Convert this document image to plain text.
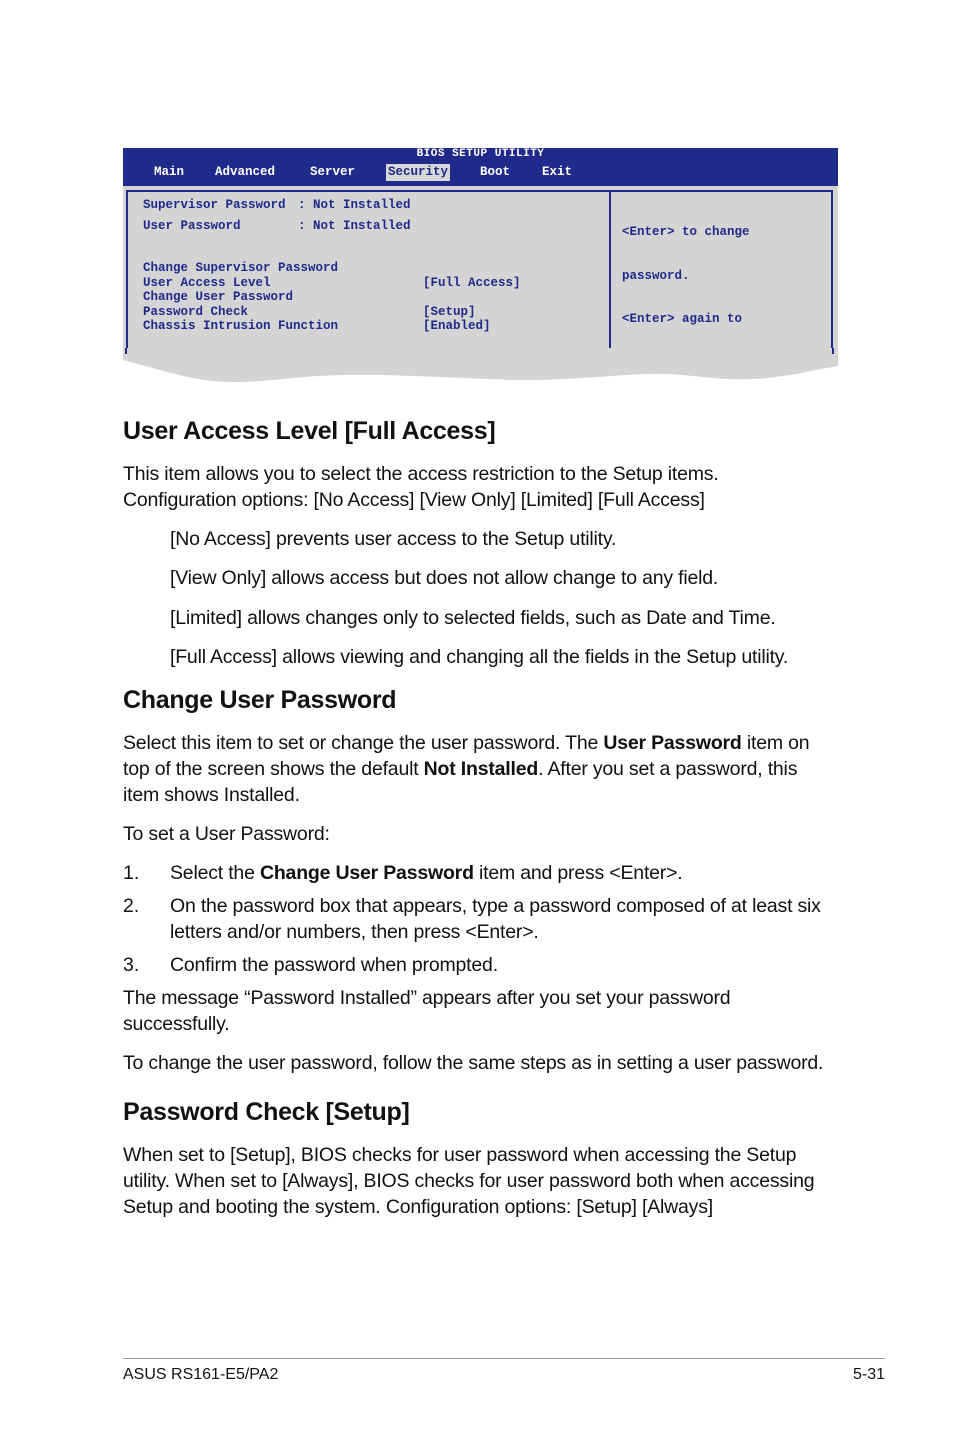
BIOS SETUP UTILITY
Main Advanced	Server	Security	Boot	Exit
Supervisor Password : Not Installed
User Password	: Not Installed
Change Supervisor Password
User Access Level	[Full Access]
Change User Password
Password Check	[Setup]
Chassis Intrusion Function	[Enabled]

<Enter> to change

password.

<Enter> again to

User Access Level [Full Access]
This item allows you to select the access restriction to the Setup items.
Configuration options: [No Access] [View Only] [Limited] [Full Access]
[No Access] prevents user access to the Setup utility.
[View Only] allows access but does not allow change to any field.
[Limited] allows changes only to selected fields, such as Date and Time.
[Full Access] allows viewing and changing all the fields in the Setup utility.
Change User Password
Select this item to set or change the user password. The User Password item on top of the screen shows the default Not Installed. After you set a password, this item shows Installed.
To set a User Password:
1. Select the Change User Password item and press <Enter>.
2. On the password box that appears, type a password composed of at least six letters and/or numbers, then press <Enter>.
3. Confirm the password when prompted.
The message “Password Installed” appears after you set your password successfully.
To change the user password, follow the same steps as in setting a user password.
Password Check [Setup]
When set to [Setup], BIOS checks for user password when accessing the Setup utility. When set to [Always], BIOS checks for user password both when accessing Setup and booting the system. Configuration options: [Setup] [Always]
ASUS RS161-E5/PA2	5-31
